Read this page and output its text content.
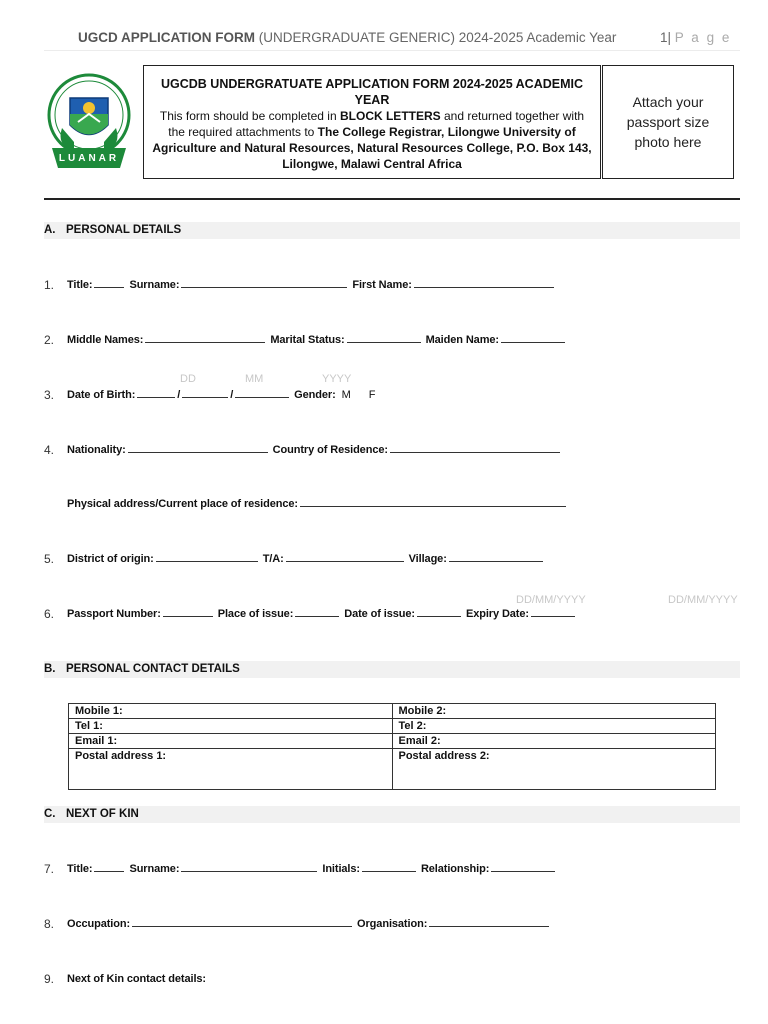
UGCD APPLICATION FORM (UNDERGRADUATE GENERIC) 2024-2025 Academic Year	1| P a g e
LUANAR
UGCDB UNDERGRATUATE APPLICATION FORM 2024-2025 ACADEMIC YEAR
This form should be completed in BLOCK LETTERS and returned together with the required attachments to The College Registrar, Lilongwe University of Agriculture and Natural Resources, Natural Resources College, P.O. Box 143, Lilongwe, Malawi Central Africa
Attach your passport size photo here
A. PERSONAL DETAILS
1. Title:	Surname:	First Name:
2. Middle Names:	Marital Status:	Maiden Name:
DD	MM	YYYY
3. Date of Birth:	/	/	Gender: M F
4. Nationality:	Country of Residence:
Physical address/Current place of residence:
5. District of origin:	T/A:	Village:
DD/MM/YYYY	DD/MM/YYYY
6. Passport Number:	Place of issue:	Date of issue:	Expiry Date:
B. PERSONAL CONTACT DETAILS
Mobile 1:	Mobile 2:
Tel 1:	Tel 2:
Email 1:	Email 2:
Postal address 1:	Postal address 2:
C. NEXT OF KIN
7. Title:	Surname:	Initials:	Relationship:
8. Occupation:	Organisation:
9. Next of Kin contact details:
